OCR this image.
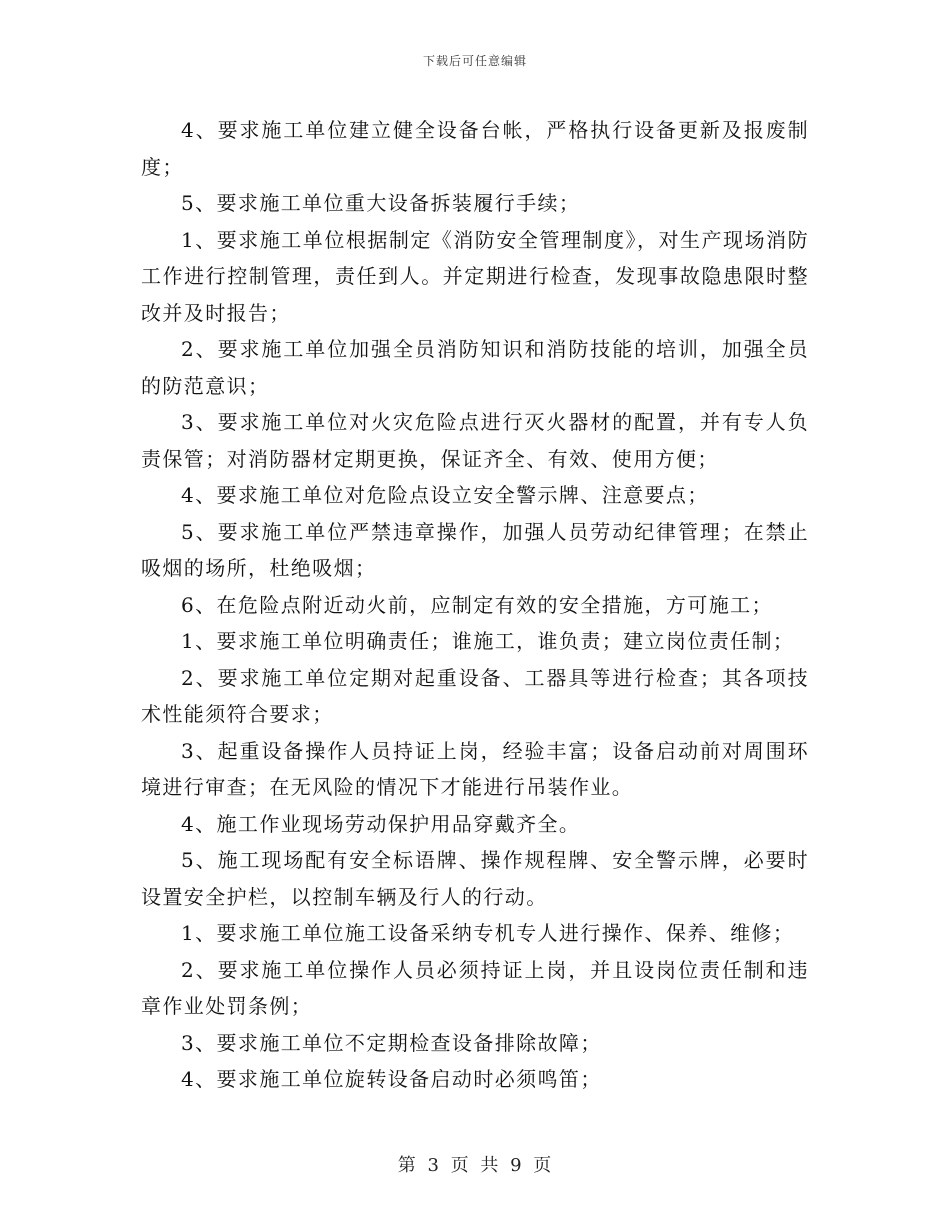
下载后可任意编辑

4、要求施工单位建立健全设备台帐，严格执行设备更新及报废制度；

5、要求施工单位重大设备拆装履行手续；

1、要求施工单位根据制定《消防安全管理制度》，对生产现场消防工作进行控制管理，责任到人。并定期进行检查，发现事故隐患限时整改并及时报告；

2、要求施工单位加强全员消防知识和消防技能的培训，加强全员的防范意识；

3、要求施工单位对火灾危险点进行灭火器材的配置，并有专人负责保管；对消防器材定期更换，保证齐全、有效、使用方便；

4、要求施工单位对危险点设立安全警示牌、注意要点；

5、要求施工单位严禁违章操作，加强人员劳动纪律管理；在禁止吸烟的场所，杜绝吸烟；

6、在危险点附近动火前，应制定有效的安全措施，方可施工；

1、要求施工单位明确责任；谁施工，谁负责；建立岗位责任制；

2、要求施工单位定期对起重设备、工器具等进行检查；其各项技术性能须符合要求；

3、起重设备操作人员持证上岗，经验丰富；设备启动前对周围环境进行审查；在无风险的情况下才能进行吊装作业。

4、施工作业现场劳动保护用品穿戴齐全。

5、施工现场配有安全标语牌、操作规程牌、安全警示牌，必要时设置安全护栏，以控制车辆及行人的行动。

1、要求施工单位施工设备采纳专机专人进行操作、保养、维修；

2、要求施工单位操作人员必须持证上岗，并且设岗位责任制和违章作业处罚条例；

3、要求施工单位不定期检查设备排除故障；

4、要求施工单位旋转设备启动时必须鸣笛；

第 3 页 共 9 页
